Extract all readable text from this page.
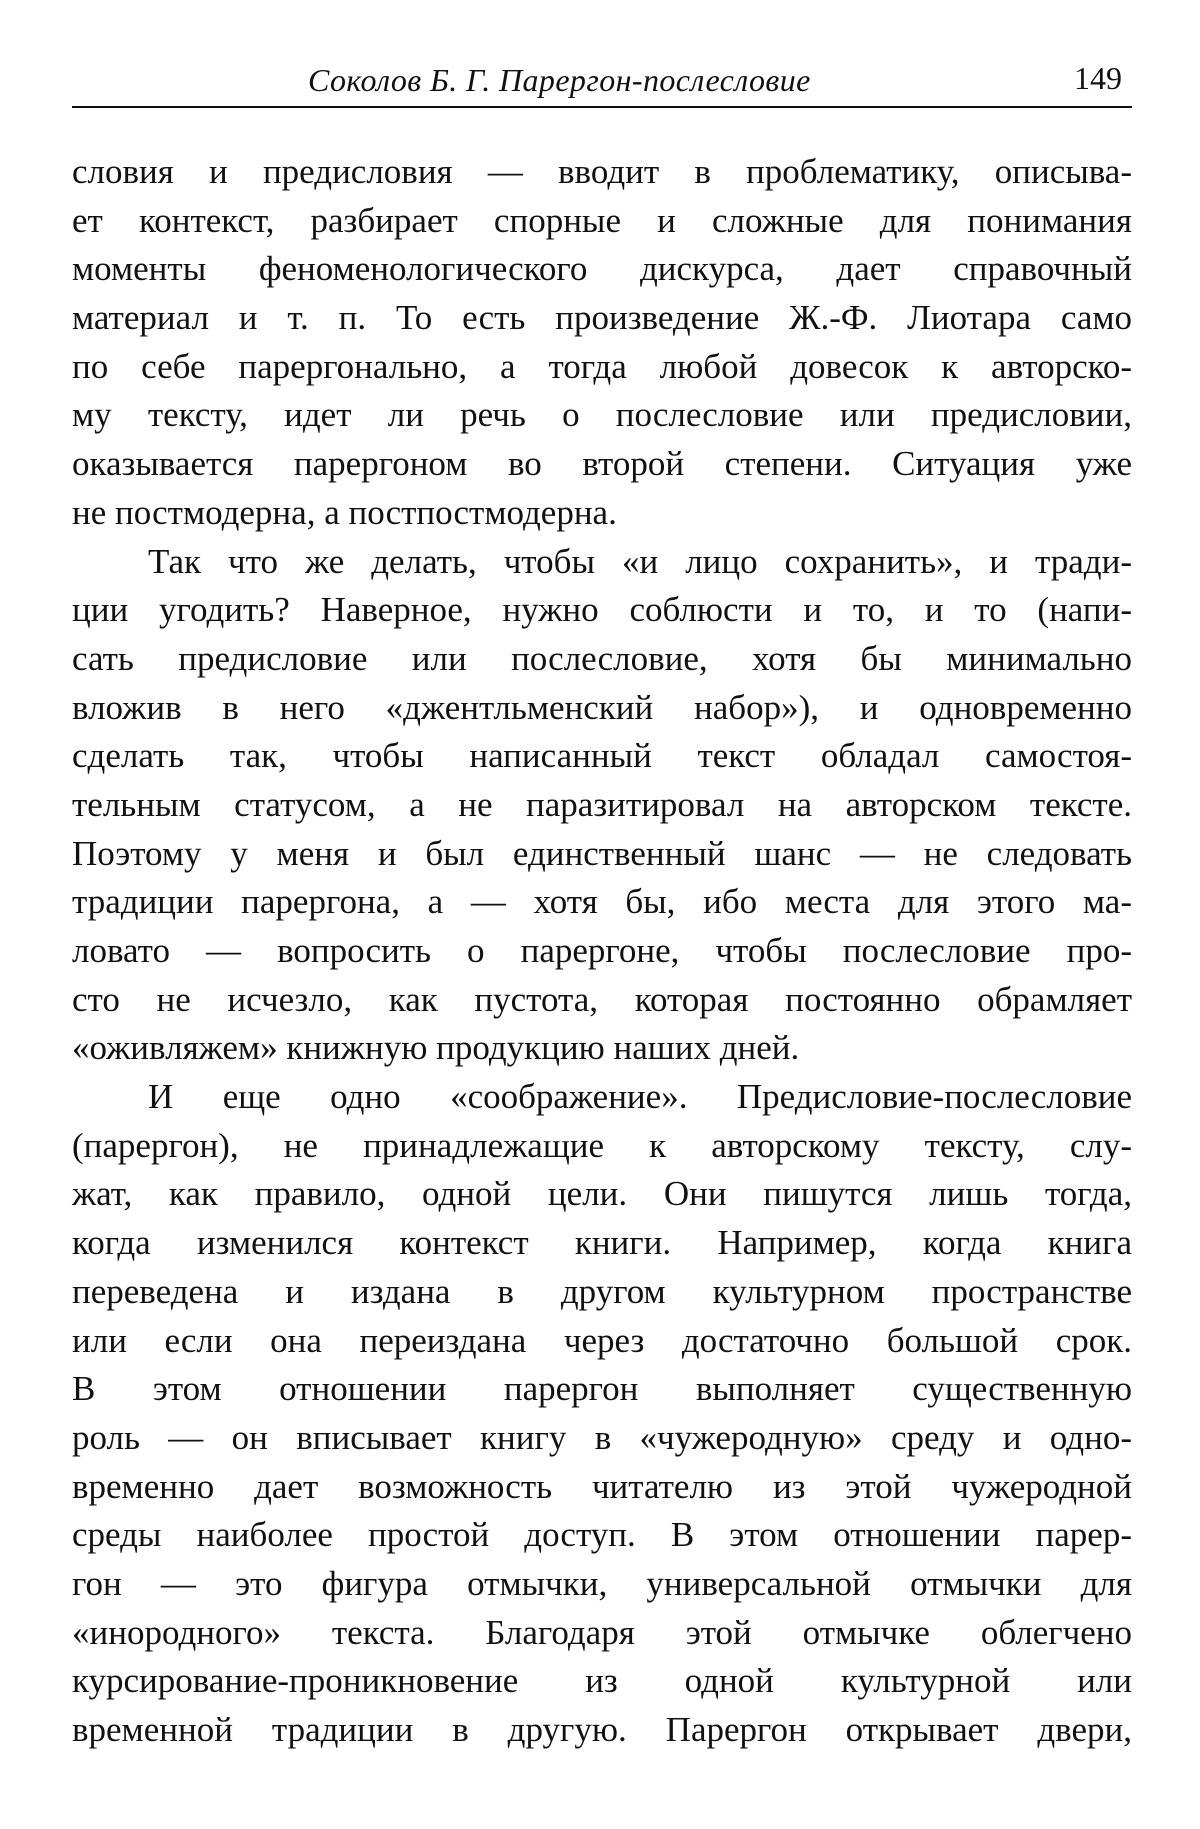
Соколов Б. Г. Парергон-послесловие	149
словия и предисловия — вводит в проблематику, описыва-
ет контекст, разбирает спорные и сложные для понимания
моменты феноменологического дискурса, дает справочный
материал и т. п. То есть произведение Ж.-Ф. Лиотара само
по себе парергонально, а тогда любой довесок к авторско-
му тексту, идет ли речь о послесловие или предисловии,
оказывается парергоном во второй степени. Ситуация уже
не постмодерна, а постпостмодерна.
Так что же делать, чтобы «и лицо сохранить», и тради-
ции угодить? Наверное, нужно соблюсти и то, и то (напи-
сать предисловие или послесловие, хотя бы минимально
вложив в него «джентльменский набор»), и одновременно
сделать так, чтобы написанный текст обладал самостоя-
тельным статусом, а не паразитировал на авторском тексте.
Поэтому у меня и был единственный шанс — не следовать
традиции парергона, а — хотя бы, ибо места для этого ма-
ловато — вопросить о парергоне, чтобы послесловие про-
сто не исчезло, как пустота, которая постоянно обрамляет
«оживляжем» книжную продукцию наших дней.
И еще одно «соображение». Предисловие-послесловие
(парергон), не принадлежащие к авторскому тексту, слу-
жат, как правило, одной цели. Они пишутся лишь тогда,
когда изменился контекст книги. Например, когда книга
переведена и издана в другом культурном пространстве
или если она переиздана через достаточно большой срок.
В этом отношении парергон выполняет существенную
роль — он вписывает книгу в «чужеродную» среду и одно-
временно дает возможность читателю из этой чужеродной
среды наиболее простой доступ. В этом отношении парер-
гон — это фигура отмычки, универсальной отмычки для
«инородного» текста. Благодаря этой отмычке облегчено
курсирование-проникновение из одной культурной или
временной традиции в другую. Парергон открывает двери,
